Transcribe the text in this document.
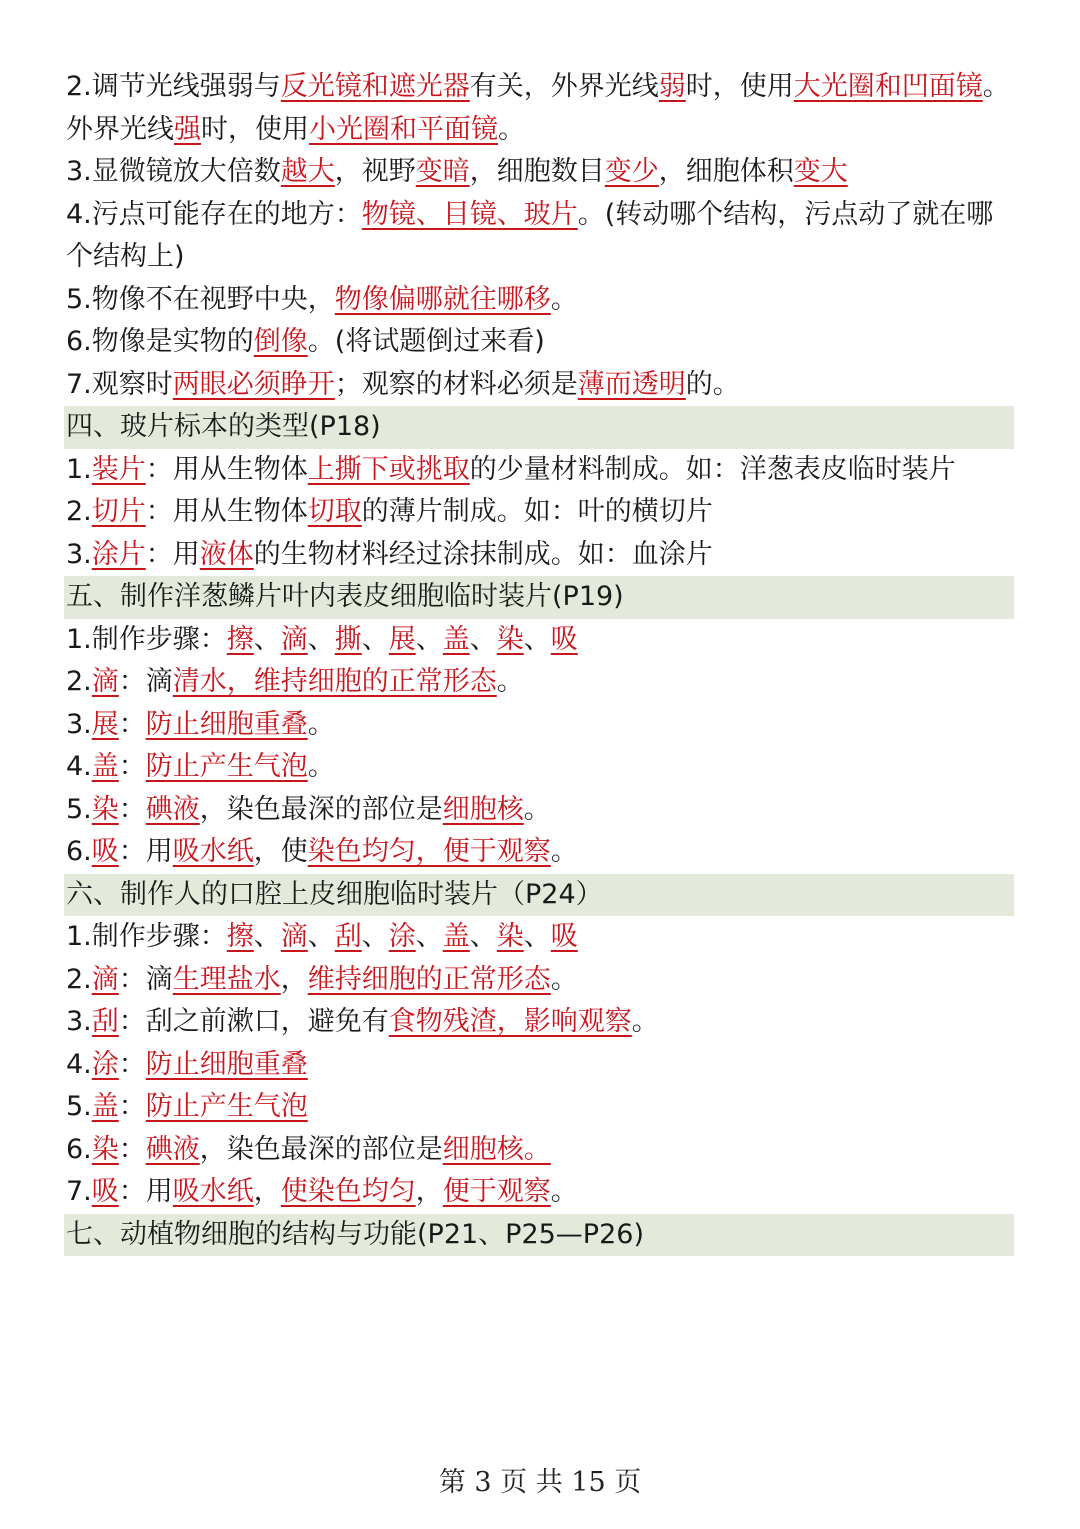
2.调节光线强弱与反光镜和遮光器有关，外界光线弱时，使用大光圈和凹面镜。外界光线强时，使用小光圈和平面镜。

3.显微镜放大倍数越大，视野变暗，细胞数目变少，细胞体积变大

4.污点可能存在的地方：物镜、目镜、玻片。(转动哪个结构，污点动了就在哪个结构上)

5.物像不在视野中央，物像偏哪就往哪移。

6.物像是实物的倒像。(将试题倒过来看)

7.观察时两眼必须睁开；观察的材料必须是薄而透明的。

四、玻片标本的类型(P18)

1.装片：用从生物体上撕下或挑取的少量材料制成。如：洋葱表皮临时装片

2.切片：用从生物体切取的薄片制成。如：叶的横切片

3.涂片：用液体的生物材料经过涂抹制成。如：血涂片

五、制作洋葱鳞片叶内表皮细胞临时装片(P19)

1.制作步骤：擦、滴、撕、展、盖、染、吸

2.滴：滴清水，维持细胞的正常形态。

3.展：防止细胞重叠。

4.盖：防止产生气泡。

5.染：碘液，染色最深的部位是细胞核。

6.吸：用吸水纸，使染色均匀，便于观察。

六、制作人的口腔上皮细胞临时装片（P24）

1.制作步骤：擦、滴、刮、涂、盖、染、吸

2.滴：滴生理盐水，维持细胞的正常形态。

3.刮：刮之前漱口，避免有食物残渣，影响观察。

4.涂：防止细胞重叠

5.盖：防止产生气泡

6.染：碘液，染色最深的部位是细胞核。

7.吸：用吸水纸，使染色均匀，便于观察。

七、动植物细胞的结构与功能(P21、P25—P26)

第 3 页 共 15 页
